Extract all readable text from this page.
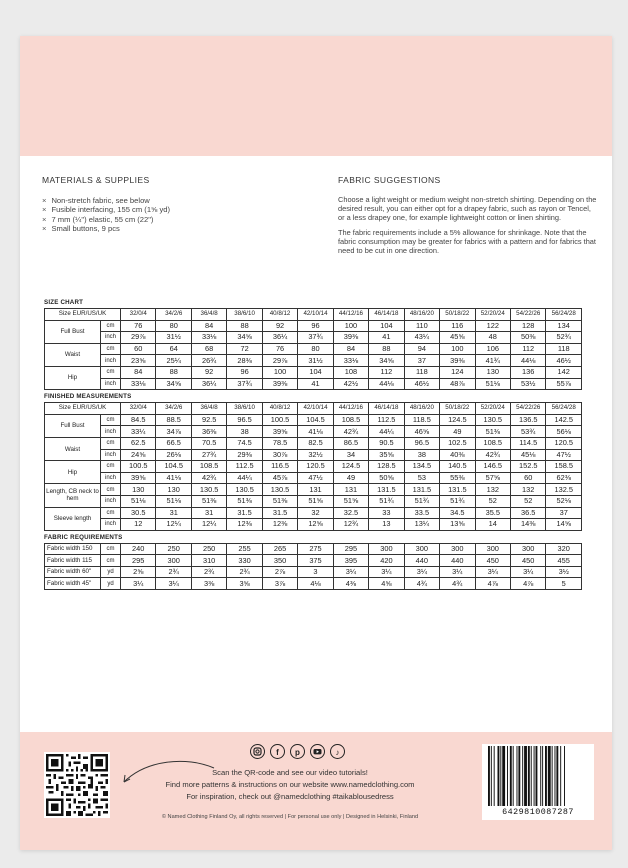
MATERIALS & SUPPLIES
× Non-stretch fabric, see below
× Fusible interfacing, 155 cm (1⅝ yd)
× 7 mm (¼") elastic, 55 cm (22")
× Small buttons, 9 pcs
FABRIC SUGGESTIONS

Choose a light weight or medium weight non-stretch shirting. Depending on the desired result, you can either opt for a drapey fabric, such as rayon or Tencel, or a less drapey one, for example lightweight cotton or linen shirting.

The fabric requirements include a 5% allowance for shrinkage. Note that the fabric consumption may be greater for fabrics with a pattern and for fabrics that need to be cut in one direction.

SIZE CHART
Size EUR/US/UK		32/0/4	34/2/6	36/4/8	38/6/10	40/8/12	42/10/14	44/12/16	46/14/18	48/16/20	50/18/22	52/20/24	54/22/26	56/24/28
Full Bust	cm	76	80	84	88	92	96	100	104	110	116	122	128	134
	inch	29⅞	31½	33⅛	34⅝	36¼	37¾	39⅜	41	43¼	45⅝	48	50⅜	52¾
Waist	cm	60	64	68	72	76	80	84	88	94	100	106	112	118
	inch	23⅝	25¼	26¾	28⅜	29⅞	31½	33⅛	34⅝	37	39⅜	41¾	44⅛	46½
Hip	cm	84	88	92	96	100	104	108	112	118	124	130	136	142
	inch	33⅛	34⅝	36¼	37¾	39⅜	41	42½	44⅛	46½	48⅞	51⅛	53½	55⅞
FINISHED MEASUREMENTS
Size EUR/US/UK		32/0/4	34/2/6	36/4/8	38/6/10	40/8/12	42/10/14	44/12/16	46/14/18	48/16/20	50/18/22	52/20/24	54/22/26	56/24/28
Full Bust	cm	84.5	88.5	92.5	96.5	100.5	104.5	108.5	112.5	118.5	124.5	130.5	136.5	142.5
	inch	33¼	34⅞	36⅜	38	39⅝	41⅛	42¾	44¼	46⅝	49	51⅜	53¾	56⅛
Waist	cm	62.5	66.5	70.5	74.5	78.5	82.5	86.5	90.5	96.5	102.5	108.5	114.5	120.5
	inch	24⅝	26⅛	27¾	29⅜	30⅞	32½	34	35⅝	38	40⅜	42¾	45⅛	47½
Hip	cm	100.5	104.5	108.5	112.5	116.5	120.5	124.5	128.5	134.5	140.5	146.5	152.5	158.5
	inch	39⅝	41⅛	42¾	44¼	45⅞	47½	49	50⅝	53	55⅜	57⅝	60	62⅜
Length, CB neck to hem	cm	130	130	130.5	130.5	130.5	131	131	131.5	131.5	131.5	132	132	132.5
	inch	51⅛	51⅛	51⅜	51⅜	51⅜	51⅝	51⅝	51¾	51¾	51¾	52	52	52⅛
Sleeve length	cm	30.5	31	31	31.5	31.5	32	32.5	33	33.5	34.5	35.5	36.5	37
	inch	12	12¼	12¼	12⅜	12⅜	12⅝	12¾	13	13¼	13⅝	14	14⅜	14⅝
FABRIC REQUIREMENTS
Fabric width 150	cm	240	250	250	255	265	275	295	300	300	300	300	300	320
Fabric width 115	cm	295	300	310	330	350	375	395	420	440	440	450	450	455
Fabric width 60"	yd	2⅝	2¾	2¾	2¾	2⅞	3	3¼	3¼	3¼	3¼	3¼	3¼	3½
Fabric width 45"	yd	3¼	3¼	3⅜	3⅝	3⅞	4⅛	4⅜	4⅝	4¾	4¾	4⅞	4⅞	5
f	p	♪
Scan the QR-code and see our video tutorials!
Find more patterns & instructions on our website www.namedclothing.com
For inspiration, check out @namedclothing #taikablousedress
© Named Clothing Finland Oy, all rights reserved | For personal use only | Designed in Helsinki, Finland	6429810087287
